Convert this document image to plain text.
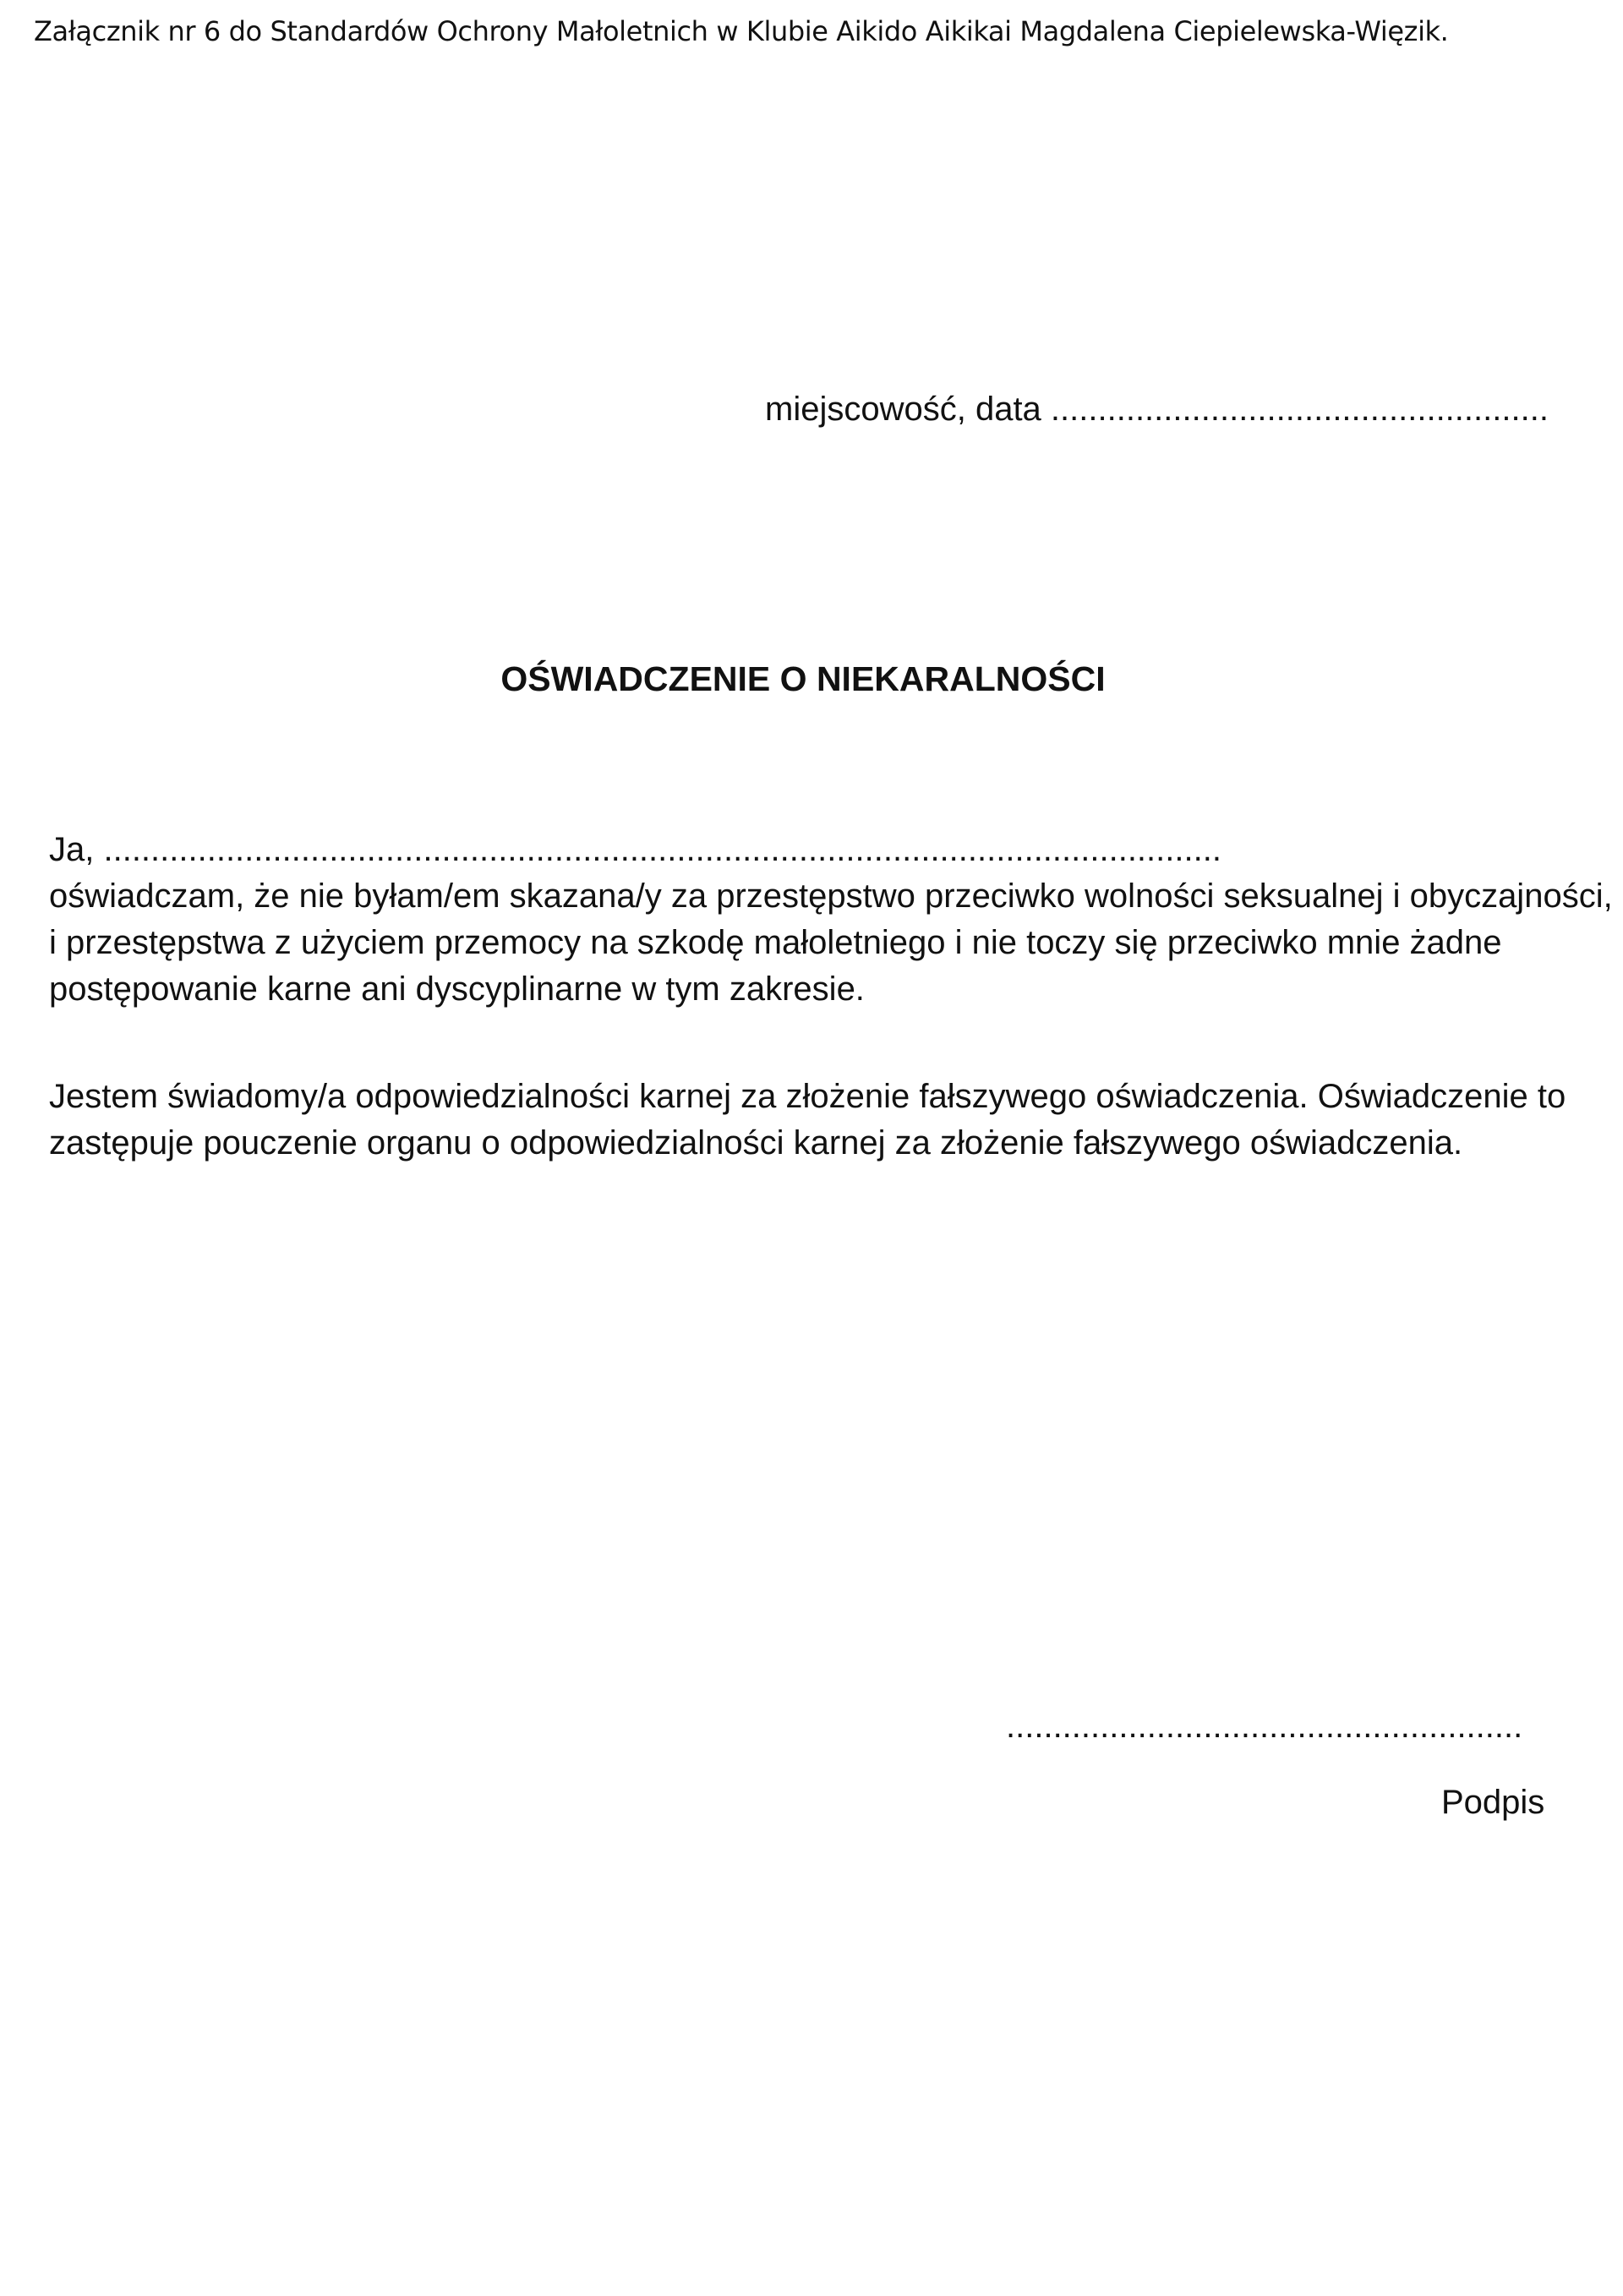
Załącznik nr 6 do Standardów Ochrony Małoletnich w Klubie Aikido Aikikai Magdalena Ciepielewska-Więzik.
miejscowość, data .....................................................
OŚWIADCZENIE O NIEKARALNOŚCI
Ja, .......................................................................................................................
oświadczam, że nie byłam/em skazana/y za przestępstwo przeciwko wolności seksualnej i obyczajności,
i przestępstwa z użyciem przemocy na szkodę małoletniego i nie toczy się przeciwko mnie żadne
postępowanie karne ani dyscyplinarne w tym zakresie.
Jestem świadomy/a odpowiedzialności karnej za złożenie fałszywego oświadczenia. Oświadczenie to
zastępuje pouczenie organu o odpowiedzialności karnej za złożenie fałszywego oświadczenia.
.......................................................
Podpis
